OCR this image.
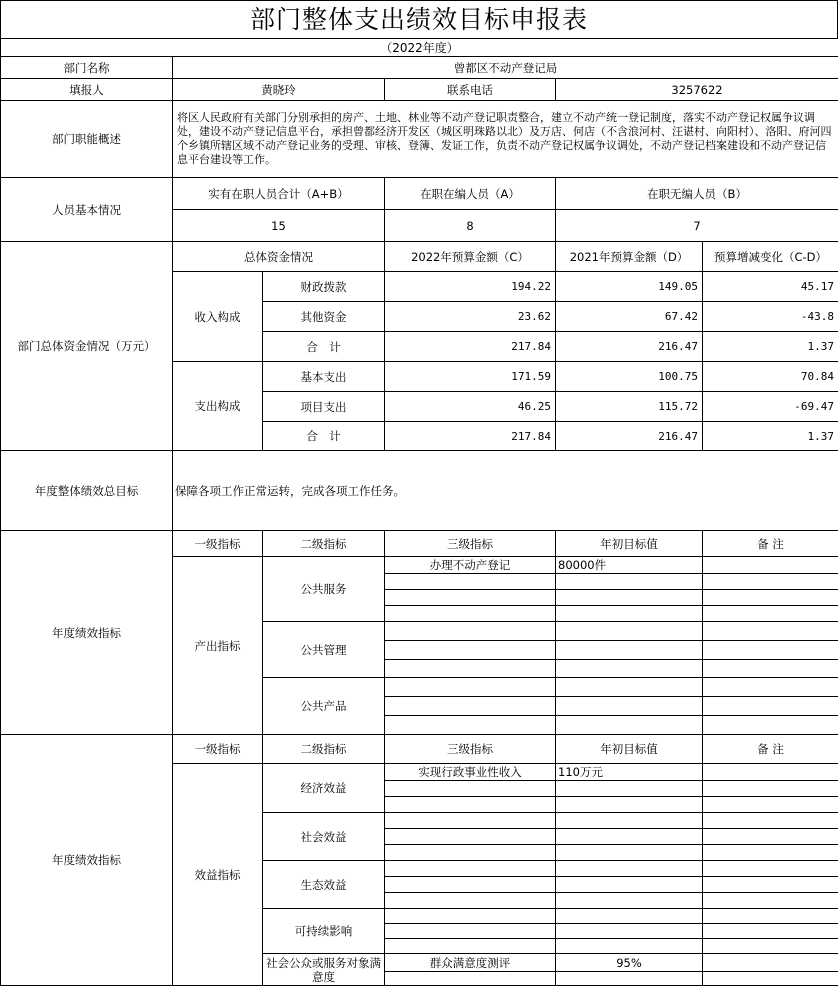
部门整体支出绩效目标申报表
（2022年度）					
部门名称	曾都区不动产登记局				
填报人	黄晓玲		联系电话	3257622	
部门职能概述	将区人民政府有关部门分别承担的房产、土地、林业等不动产登记职责整合，建立不动产统一登记制度，落实不动产登记权属争议调处，建设不动产登记信息平台，承担曾都经济开发区（城区明珠路以北）及万店、何店（不含浪河村、汪谌村、向阳村）、洛阳、府河四个乡镇所辖区域不动产登记业务的受理、审核、登簿、发证工作，负责不动产登记权属争议调处，不动产登记档案建设和不动产登记信息平台建设等工作。				
人员基本情况	实有在职人员合计（A+B）		在职在编人员（A）	在职无编人员（B）	
	15		8	7	
部门总体资金情况（万元）	总体资金情况		2022年预算金额（C）	2021年预算金额（D）	预算增减变化（C-D）
	收入构成	财政拨款	194.22	149.05	45.17
		其他资金	23.62	67.42	-43.8
		合　计	217.84	216.47	1.37
	支出构成	基本支出	171.59	100.75	70.84
		项目支出	46.25	115.72	-69.47
		合　计	217.84	216.47	1.37
年度整体绩效总目标	保障各项工作正常运转，完成各项工作任务。				
年度绩效指标	一级指标	二级指标	三级指标	年初目标值	备 注
	产出指标	公共服务	办理不动产登记	80000件	

		公共管理			

		公共产品			

年度绩效指标	一级指标	二级指标	三级指标	年初目标值	备 注
	效益指标	经济效益	实现行政事业性收入	110万元	

		社会效益			

		生态效益			

		可持续影响			

		社会公众或服务对象满意度	群众满意度测评	95%	
